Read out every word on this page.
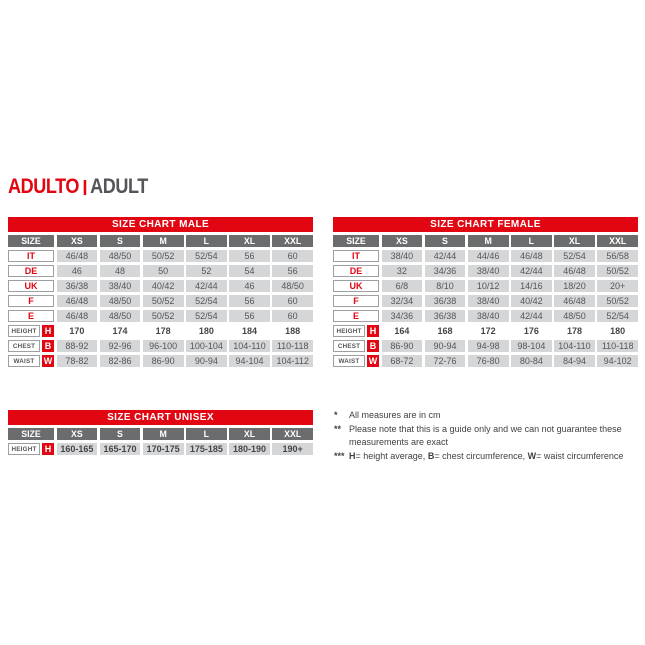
ADULTO ADULT
SIZE CHART MALE
SIZE	XS	S	M	L	XL	XXL
IT	46/48	48/50	50/52	52/54	56	60
DE	46	48	50	52	54	56
UK	36/38	38/40	40/42	42/44	46	48/50
F	46/48	48/50	50/52	52/54	56	60
E	46/48	48/50	50/52	52/54	56	60
HEIGHT H	170	174	178	180	184	188
CHEST	B	88-92	92-96	96-100	100-104	104-110	110-118
WAIST	W	78-82	82-86	86-90	90-94	94-104	104-112
SIZE CHART FEMALE
SIZE	XS	S	M	L	XL	XXL
IT	38/40	42/44	44/46	46/48	52/54	56/58
DE	32	34/36	38/40	42/44	46/48	50/52
UK	6/8	8/10	10/12	14/16	18/20	20+
F	32/34	36/38	38/40	40/42	46/48	50/52
E	34/36	36/38	38/40	42/44	48/50	52/54
HEIGHT H	164	168	172	176	178	180
CHEST	B	86-90	90-94	94-98	98-104	104-110	110-118
WAIST	W	68-72	72-76	76-80	80-84	84-94	94-102
SIZE CHART UNISEX
SIZE	XS	S	M	L	XL	XXL
HEIGHT H	160-165	165-170	170-175	175-185	180-190	190+
*	All measures are in cm
** Please note that this is a guide only and we can not guarantee these measurements are exact
*** H= height average, B= chest circumference, W= waist circumference
